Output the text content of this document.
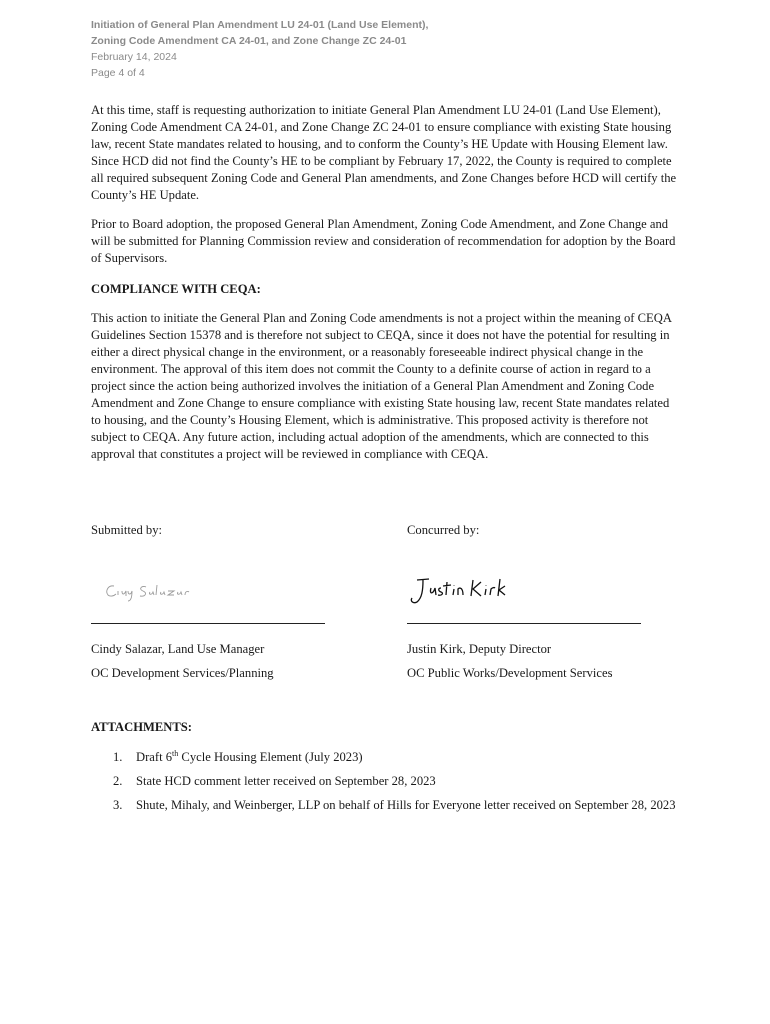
Initiation of General Plan Amendment LU 24-01 (Land Use Element),
Zoning Code Amendment CA 24-01, and Zone Change ZC 24-01
February 14, 2024
Page 4 of 4

At this time, staff is requesting authorization to initiate General Plan Amendment LU 24-01 (Land Use Element), Zoning Code Amendment CA 24-01, and Zone Change ZC 24-01 to ensure compliance with existing State housing law, recent State mandates related to housing, and to conform the County’s HE Update with Housing Element law. Since HCD did not find the County’s HE to be compliant by February 17, 2022, the County is required to complete all required subsequent Zoning Code and General Plan amendments, and Zone Changes before HCD will certify the County’s HE Update.

Prior to Board adoption, the proposed General Plan Amendment, Zoning Code Amendment, and Zone Change and will be submitted for Planning Commission review and consideration of recommendation for adoption by the Board of Supervisors.

COMPLIANCE WITH CEQA:

This action to initiate the General Plan and Zoning Code amendments is not a project within the meaning of CEQA Guidelines Section 15378 and is therefore not subject to CEQA, since it does not have the potential for resulting in either a direct physical change in the environment, or a reasonably foreseeable indirect physical change in the environment. The approval of this item does not commit the County to a definite course of action in regard to a project since the action being authorized involves the initiation of a General Plan Amendment and Zoning Code Amendment and Zone Change to ensure compliance with existing State housing law, recent State mandates related to housing, and the County’s Housing Element, which is administrative. This proposed activity is therefore not subject to CEQA. Any future action, including actual adoption of the amendments, which are connected to this approval that constitutes a project will be reviewed in compliance with CEQA.

Submitted by:
Cindy Salazar, Land Use Manager
OC Development Services/Planning
Concurred by:
Justin Kirk, Deputy Director
OC Public Works/Development Services

ATTACHMENTS:

1. Draft 6th Cycle Housing Element (July 2023)
2. State HCD comment letter received on September 28, 2023
3. Shute, Mihaly, and Weinberger, LLP on behalf of Hills for Everyone letter received on September 28, 2023
